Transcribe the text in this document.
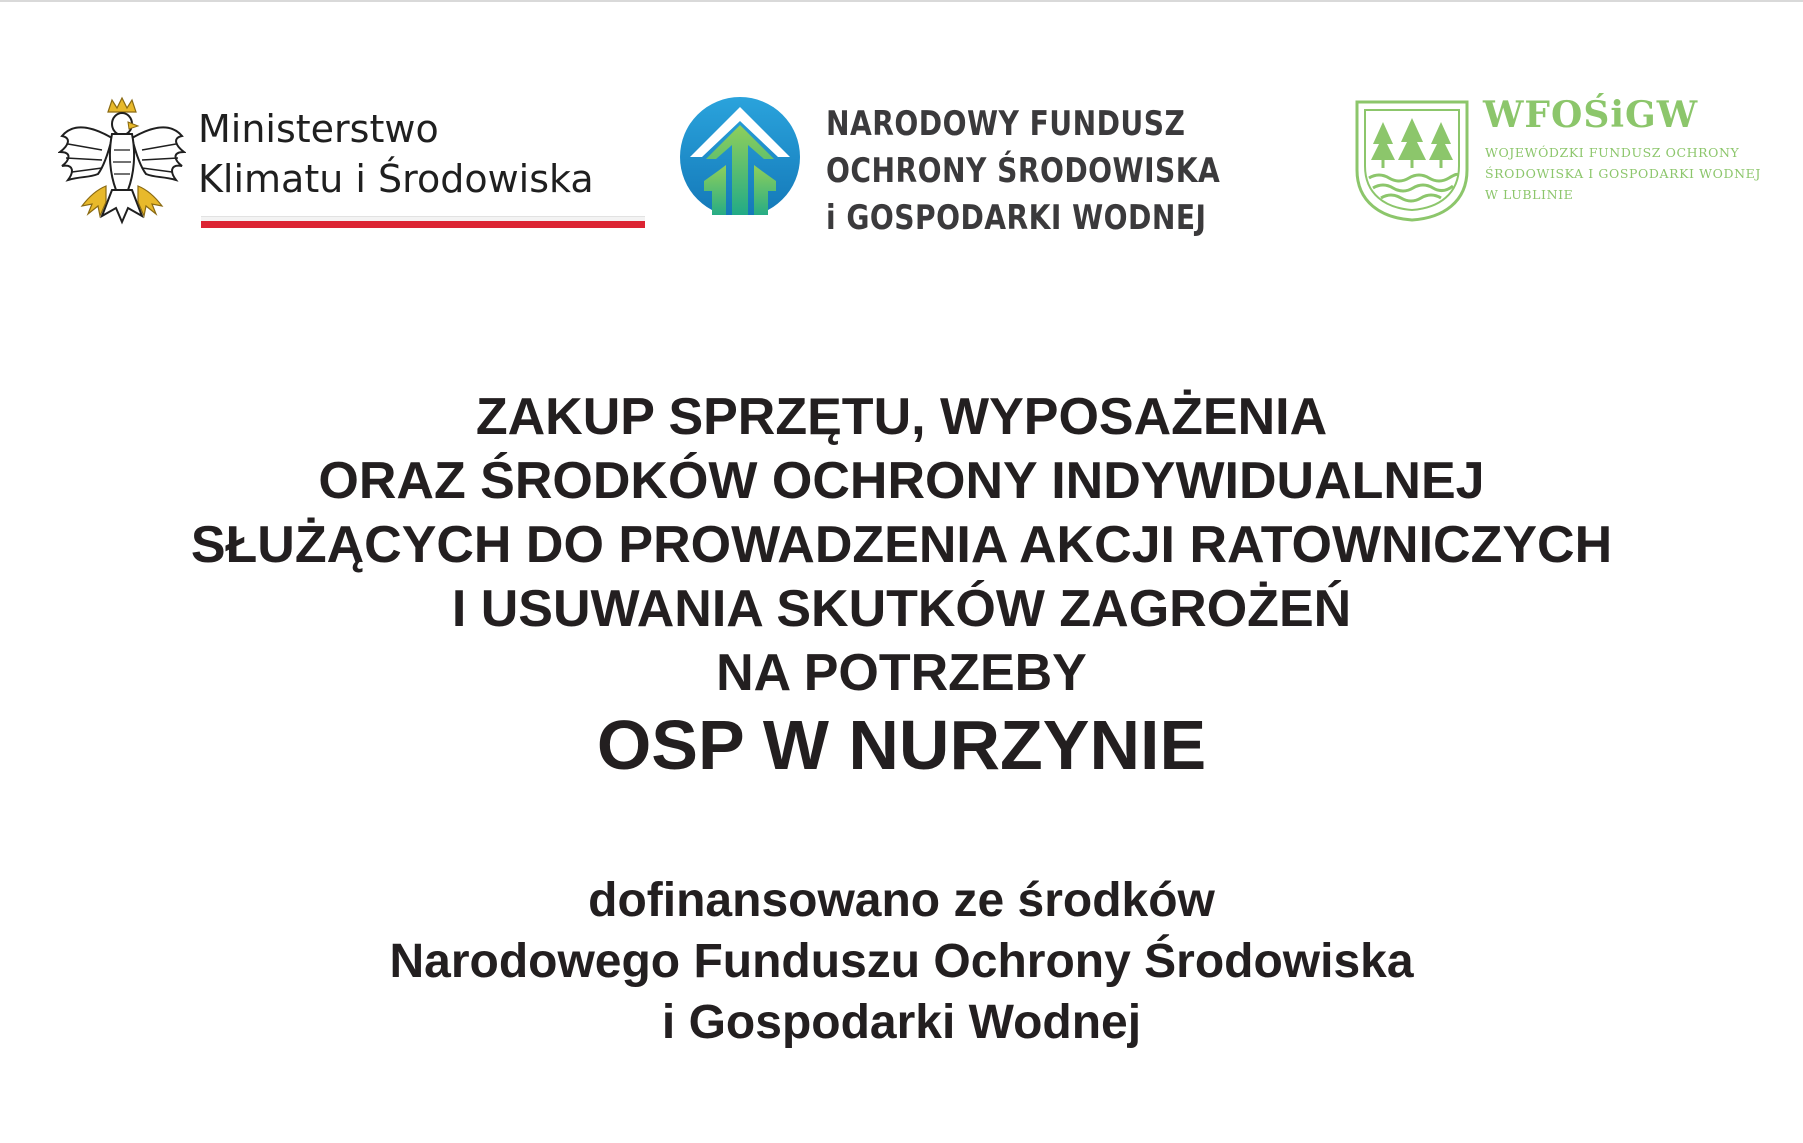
Ministerstwo
Klimatu i Środowiska
NARODOWY FUNDUSZ
OCHRONY ŚRODOWISKA
i GOSPODARKI WODNEJ
WFOŚiGW
WOJEWÓDZKI FUNDUSZ OCHRONY
ŚRODOWISKA I GOSPODARKI WODNEJ
W LUBLINIE
ZAKUP SPRZĘTU, WYPOSAŻENIA
ORAZ ŚRODKÓW OCHRONY INDYWIDUALNEJ
SŁUŻĄCYCH DO PROWADZENIA AKCJI RATOWNICZYCH
I USUWANIA SKUTKÓW ZAGROŻEŃ
NA POTRZEBY
OSP W NURZYNIE
dofinansowano ze środków
Narodowego Funduszu Ochrony Środowiska
i Gospodarki Wodnej
